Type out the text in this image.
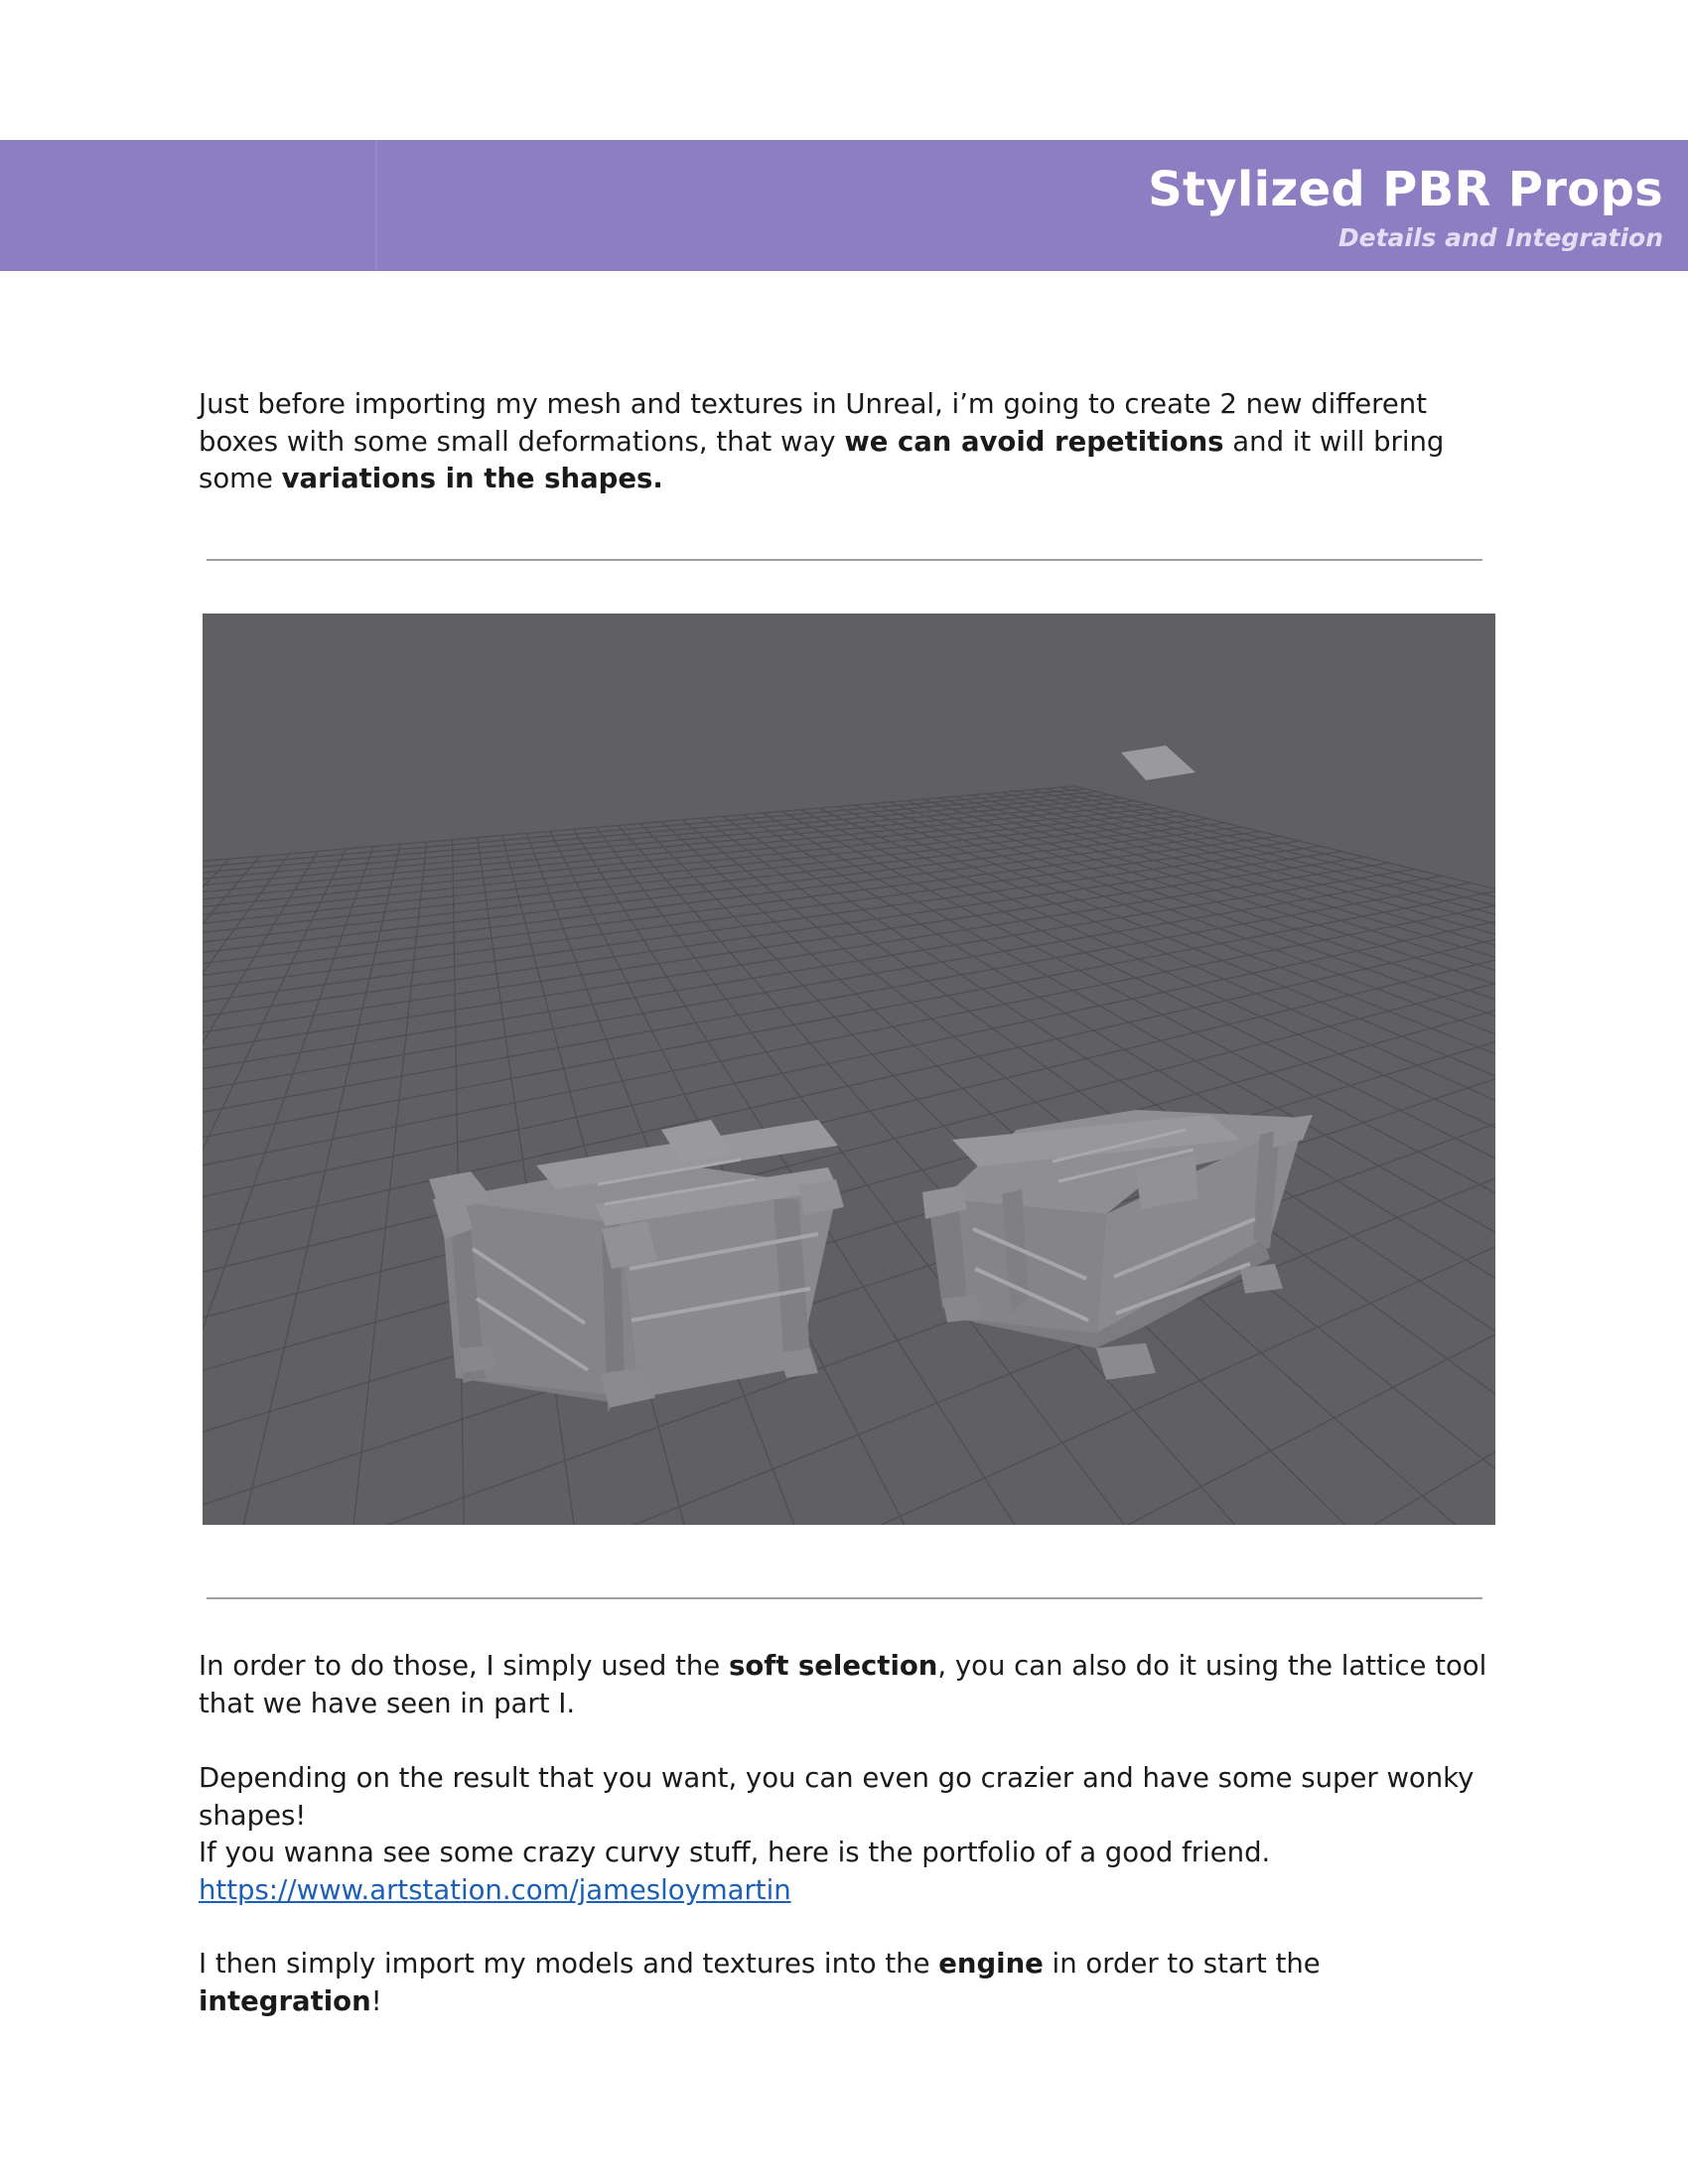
Stylized PBR Props
Details and Integration

Just before importing my mesh and textures in Unreal, i’m going to create 2 new different boxes with some small deformations, that way we can avoid repetitions and it will bring some variations in the shapes.

In order to do those, I simply used the soft selection, you can also do it using the lattice tool that we have seen in part I.

Depending on the result that you want, you can even go crazier and have some super wonky shapes!
If you wanna see some crazy curvy stuff, here is the portfolio of a good friend.
https://www.artstation.com/jamesloymartin

I then simply import my models and textures into the engine in order to start the integration!
